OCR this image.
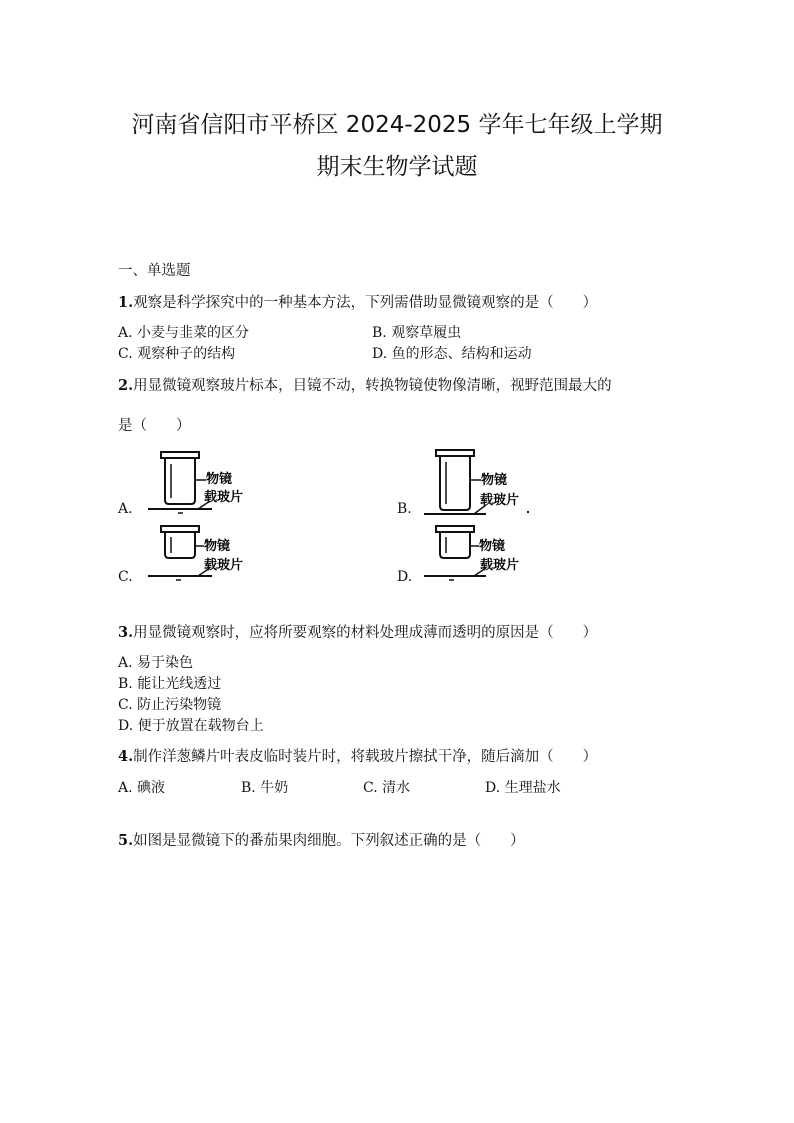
河南省信阳市平桥区 2024-2025 学年七年级上学期
期末生物学试题
一、单选题
1.观察是科学探究中的一种基本方法，下列需借助显微镜观察的是（　　）
A. 小麦与韭菜的区分	B. 观察草履虫
C. 观察种子的结构	D. 鱼的形态、结构和运动
2.用显微镜观察玻片标本，目镜不动，转换物镜使物像清晰，视野范围最大的
是（　　）
A.
物镜
载玻片
B.
物镜
载玻片
C.
物镜
载玻片
D.
物镜
载玻片
3.用显微镜观察时，应将所要观察的材料处理成薄而透明的原因是（　　）
A. 易于染色
B. 能让光线透过
C. 防止污染物镜
D. 便于放置在载物台上
4.制作洋葱鳞片叶表皮临时装片时，将载玻片擦拭干净，随后滴加（　　）
A. 碘液	B. 牛奶	C. 清水	D. 生理盐水
5.如图是显微镜下的番茄果肉细胞。下列叙述正确的是（　　）
